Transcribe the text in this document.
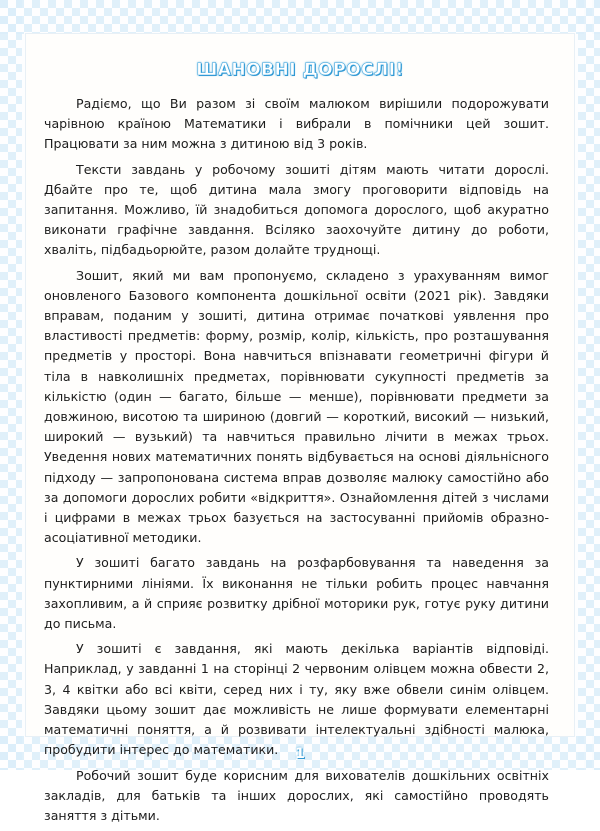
ШАНОВНІ ДОРОСЛІ!

Радіємо, що Ви разом зі своїм малюком вирішили подорожувати чарівною країною Математики і вибрали в помічники цей зошит. Працювати за ним можна з дитиною від 3 років.

Тексти завдань у робочому зошиті дітям мають читати дорослі. Дбайте про те, щоб дитина мала змогу проговорити відповідь на запитання. Можливо, їй знадобиться допомога дорослого, щоб акуратно виконати графічне завдання. Всіляко заохочуйте дитину до роботи, хваліть, підбадьорюйте, разом долайте труднощі.

Зошит, який ми вам пропонуємо, складено з урахуванням вимог оновленого Базового компонента дошкільної освіти (2021 рік). Завдяки вправам, поданим у зошиті, дитина отримає початкові уявлення про властивості предметів: форму, розмір, колір, кількість, про розташування предметів у просторі. Вона навчиться впізнавати геометричні фігури й тіла в навколишніх предметах, порівнювати сукупності предметів за кількістю (один — багато, більше — менше), порівнювати предмети за довжиною, висотою та шириною (довгий — короткий, високий — низький, широкий — вузький) та навчиться правильно лічити в межах трьох. Уведення нових математичних понять відбувається на основі діяльнісного підходу — запропонована система вправ дозволяє малюку самостійно або за допомоги дорослих робити «відкриття». Ознайомлення дітей з числами і цифрами в межах трьох базується на застосуванні прийомів образно-асоціативної методики.

У зошиті багато завдань на розфарбовування та наведення за пунктирними лініями. Їх виконання не тільки робить процес навчання захопливим, а й сприяє розвитку дрібної моторики рук, готує руку дитини до письма.

У зошиті є завдання, які мають декілька варіантів відповіді. Наприклад, у завданні 1 на сторінці 2 червоним олівцем можна обвести 2, 3, 4 квітки або всі квіти, серед них і ту, яку вже обвели синім олівцем. Завдяки цьому зошит дає можливість не лише формувати елементарні математичні поняття, а й розвивати інтелектуальні здібності малюка, пробудити інтерес до математики.

Робочий зошит буде корисним для вихователів дошкільних освітніх закладів, для батьків та інших дорослих, які самостійно проводять заняття з дітьми.

1
